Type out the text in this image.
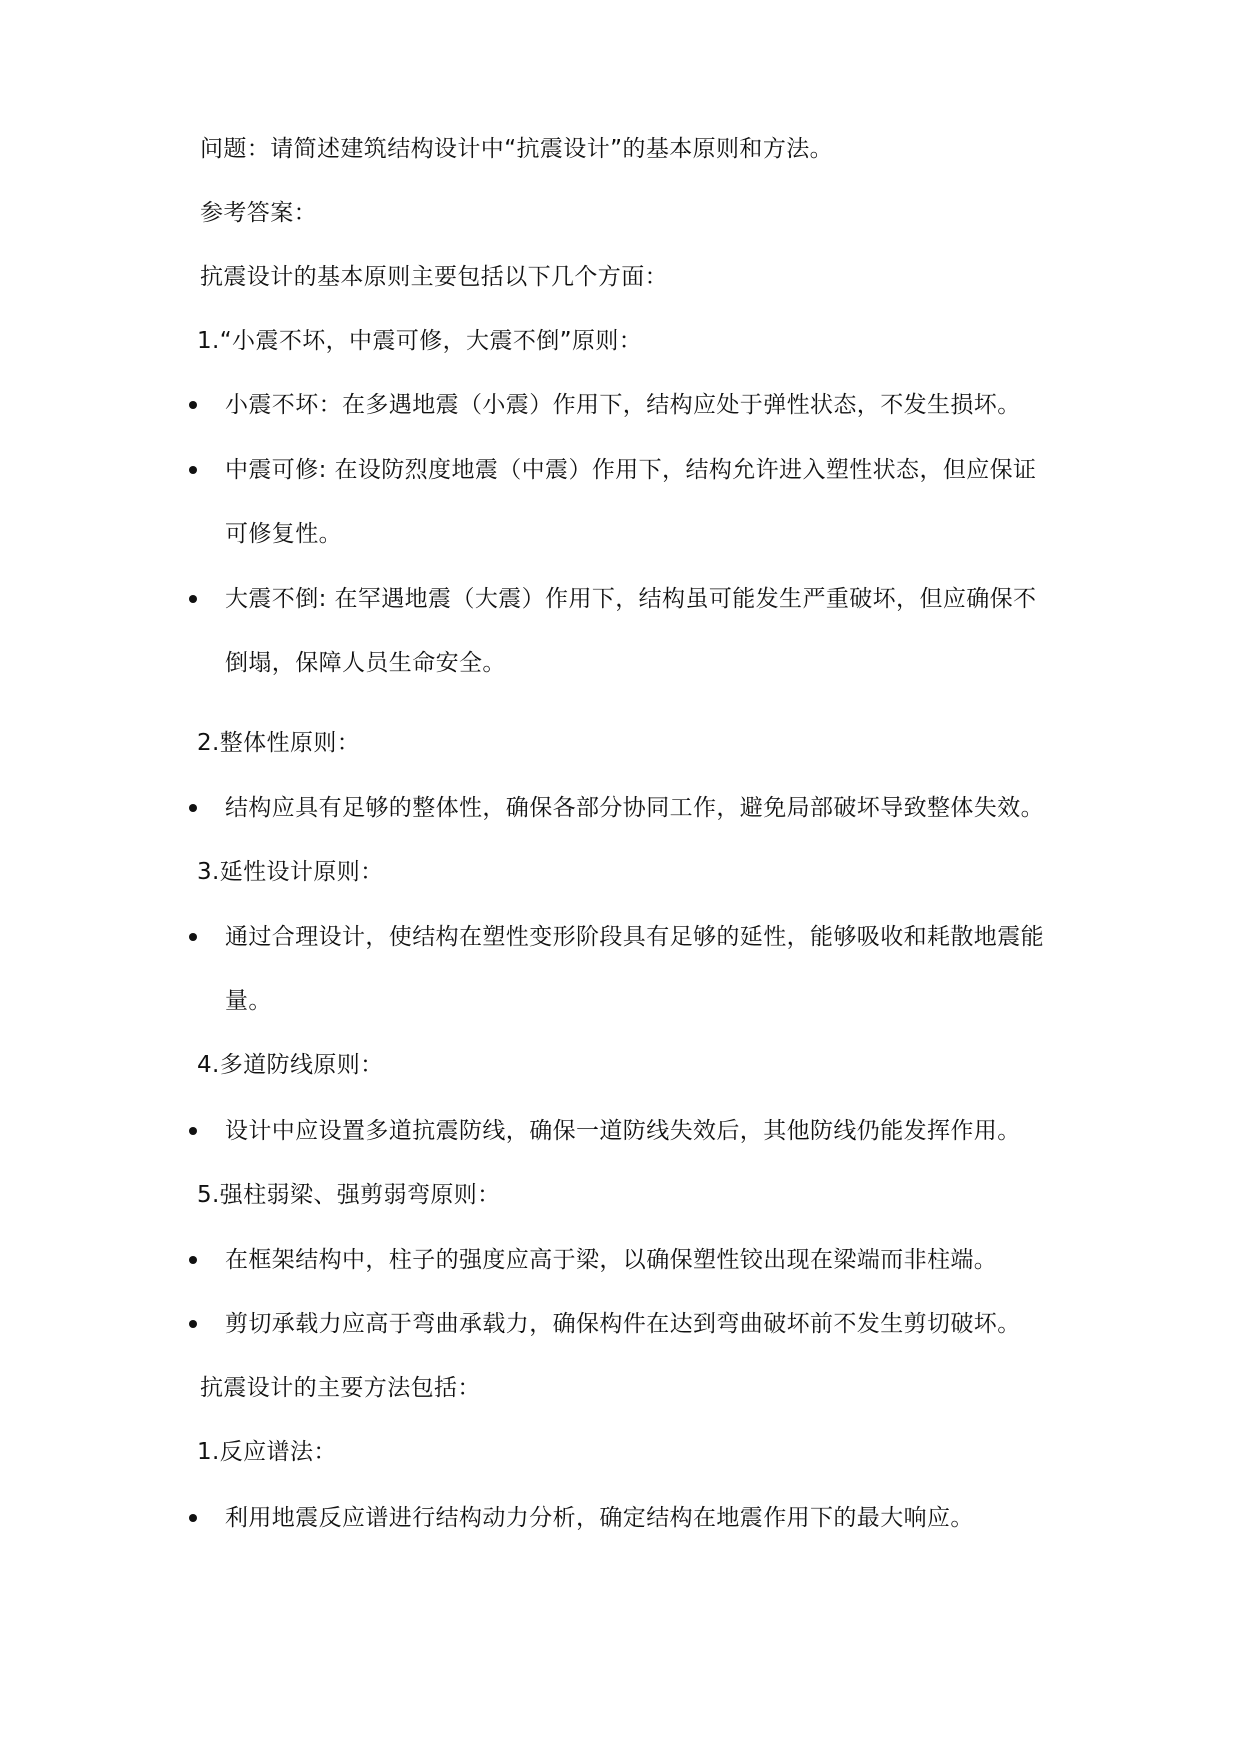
问题：请简述建筑结构设计中“抗震设计”的基本原则和方法。
参考答案：
抗震设计的基本原则主要包括以下几个方面：
1.“小震不坏，中震可修，大震不倒”原则：
小震不坏：在多遇地震（小震）作用下，结构应处于弹性状态，不发生损坏。
中震可修: 在设防烈度地震（中震）作用下，结构允许进入塑性状态，但应保证
可修复性。
大震不倒: 在罕遇地震（大震）作用下，结构虽可能发生严重破坏，但应确保不
倒塌，保障人员生命安全。
2.整体性原则：
结构应具有足够的整体性，确保各部分协同工作，避免局部破坏导致整体失效。
3.延性设计原则：
通过合理设计，使结构在塑性变形阶段具有足够的延性，能够吸收和耗散地震能
量。
4.多道防线原则：
设计中应设置多道抗震防线，确保一道防线失效后，其他防线仍能发挥作用。
5.强柱弱梁、强剪弱弯原则：
在框架结构中，柱子的强度应高于梁，以确保塑性铰出现在梁端而非柱端。
剪切承载力应高于弯曲承载力，确保构件在达到弯曲破坏前不发生剪切破坏。
抗震设计的主要方法包括：
1.反应谱法：
利用地震反应谱进行结构动力分析，确定结构在地震作用下的最大响应。
